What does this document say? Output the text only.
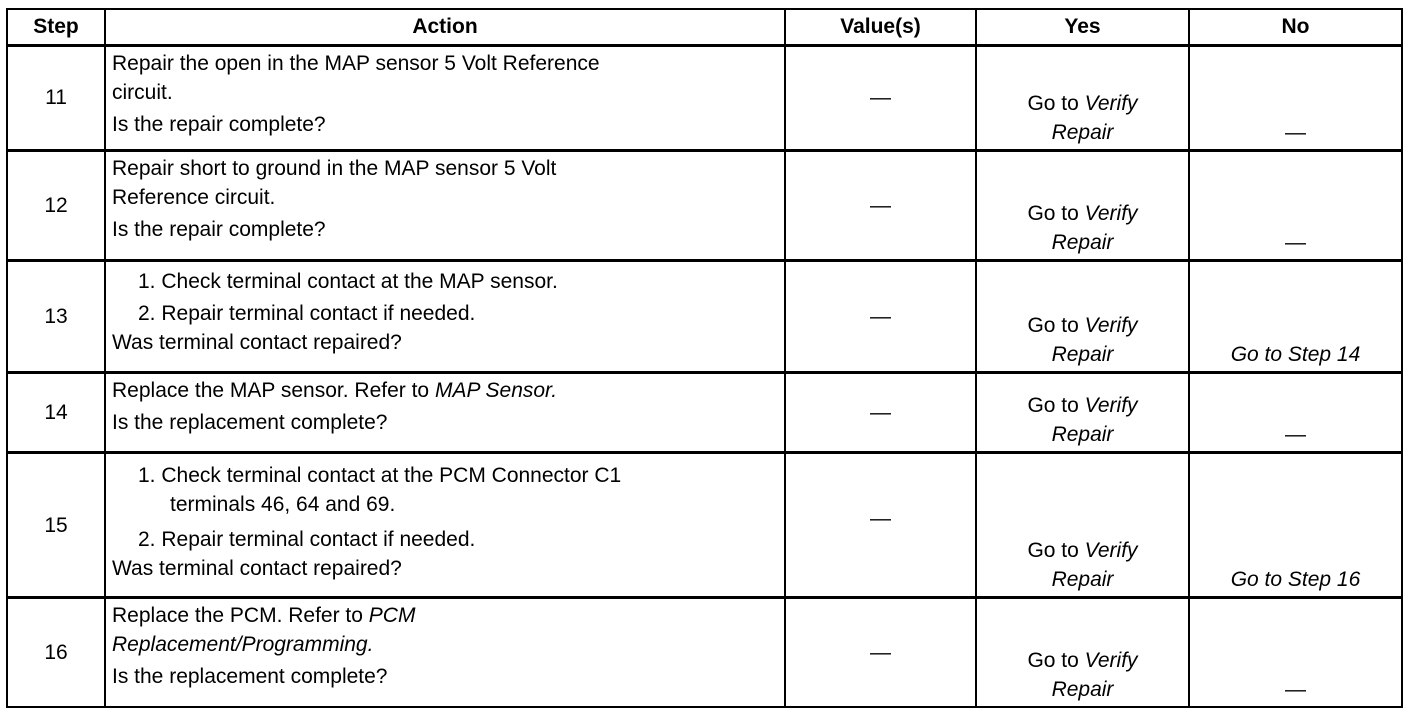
Step	Action	Value(s)	Yes	No
11	Repair the open in the MAP sensor 5 Volt Reference
circuit.
Is the repair complete?	—	Go to Verify
Repair	—
12	Repair short to ground in the MAP sensor 5 Volt
Reference circuit.
Is the repair complete?	—	Go to Verify
Repair	—
13	1. Check terminal contact at the MAP sensor.
2. Repair terminal contact if needed.
Was terminal contact repaired?	—	Go to Verify
Repair	Go to Step 14
14	Replace the MAP sensor. Refer to MAP Sensor.
Is the replacement complete?	—	Go to Verify
Repair	—
15	1. Check terminal contact at the PCM Connector C1
terminals 46, 64 and 69.
2. Repair terminal contact if needed.
Was terminal contact repaired?	—	Go to Verify
Repair	Go to Step 16
16	Replace the PCM. Refer to PCM
Replacement/Programming.
Is the replacement complete?	—	Go to Verify
Repair	—
